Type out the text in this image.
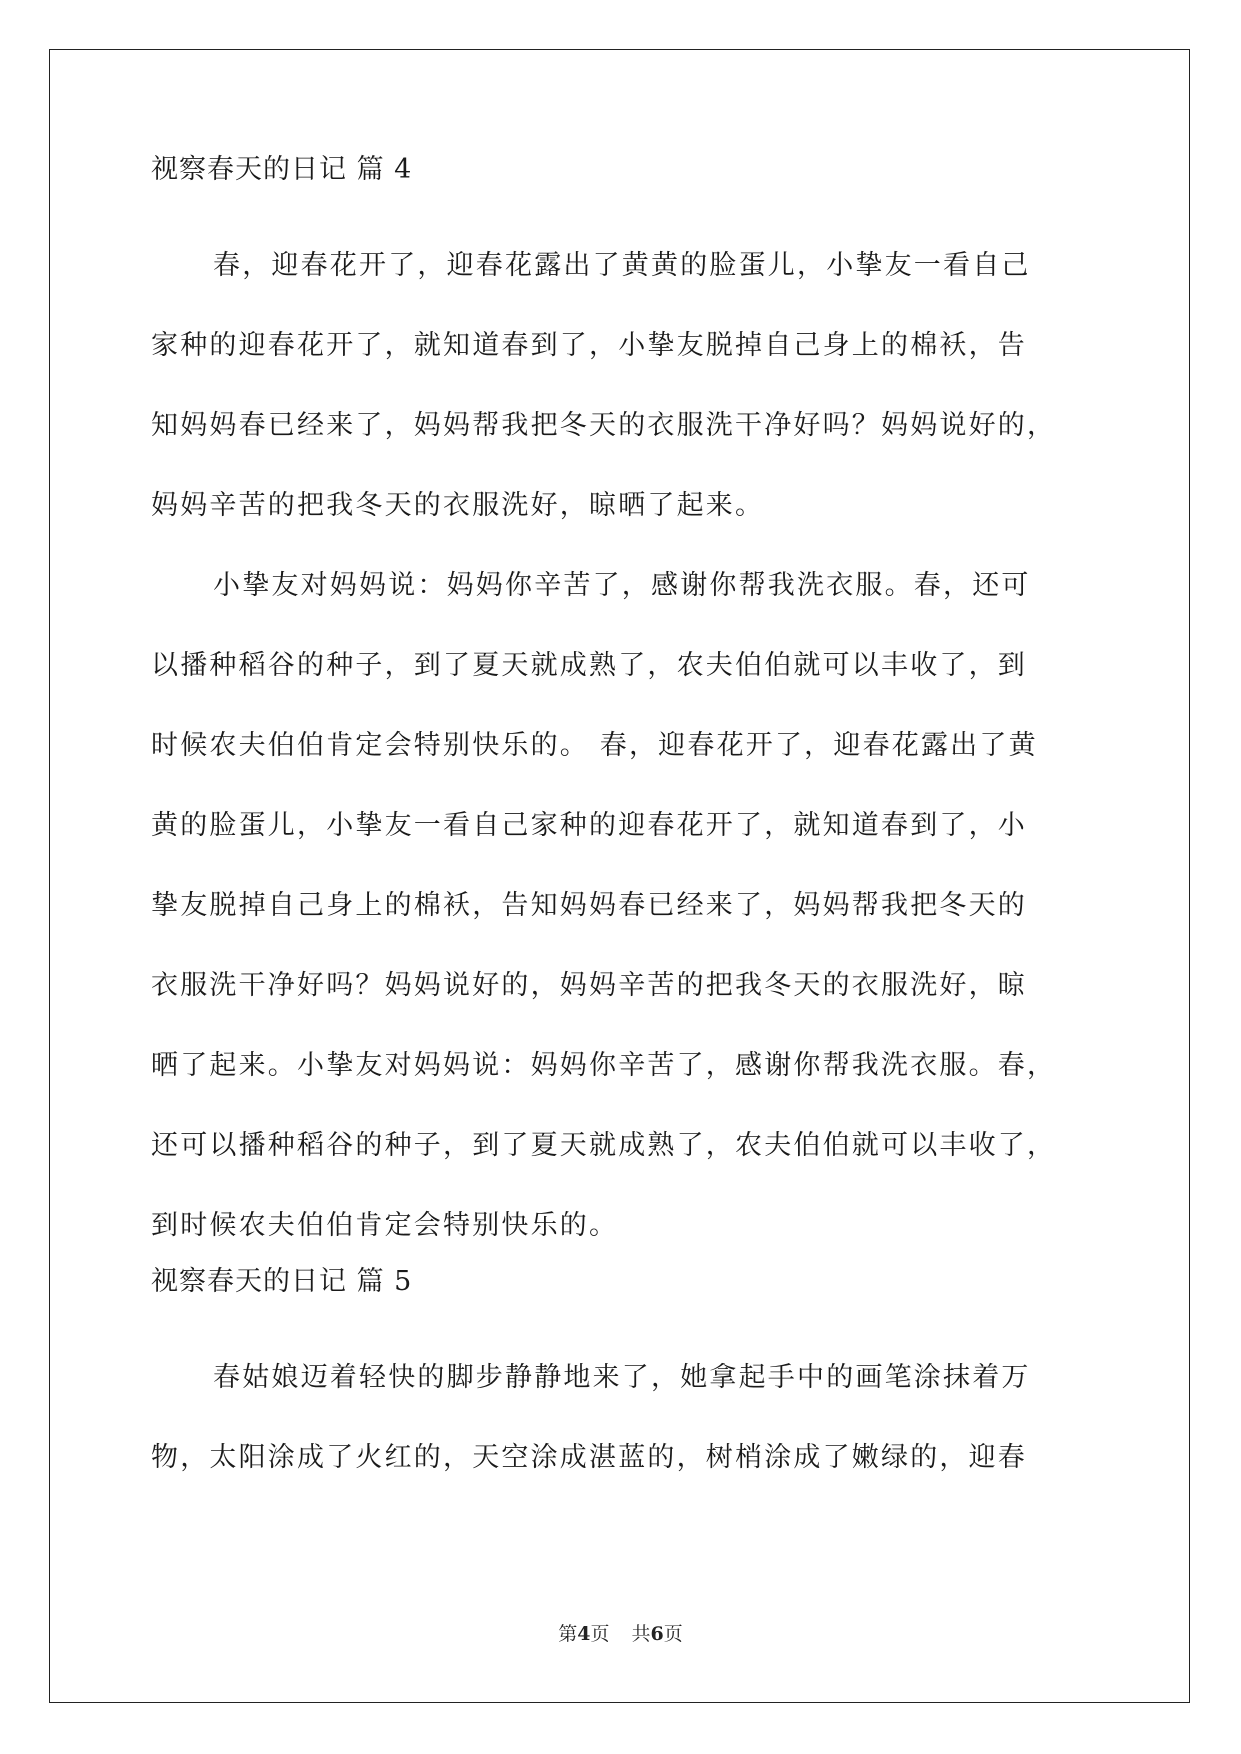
视察春天的日记 篇 4
春，迎春花开了，迎春花露出了黄黄的脸蛋儿，小挚友一看自己
家种的迎春花开了，就知道春到了，小挚友脱掉自己身上的棉袄，告
知妈妈春已经来了，妈妈帮我把冬天的衣服洗干净好吗？妈妈说好的，
妈妈辛苦的把我冬天的衣服洗好，晾晒了起来。
小挚友对妈妈说：妈妈你辛苦了，感谢你帮我洗衣服。春，还可
以播种稻谷的种子，到了夏天就成熟了，农夫伯伯就可以丰收了，到
时候农夫伯伯肯定会特别快乐的。 春，迎春花开了，迎春花露出了黄
黄的脸蛋儿，小挚友一看自己家种的迎春花开了，就知道春到了，小
挚友脱掉自己身上的棉袄，告知妈妈春已经来了，妈妈帮我把冬天的
衣服洗干净好吗？妈妈说好的，妈妈辛苦的把我冬天的衣服洗好，晾
晒了起来。小挚友对妈妈说：妈妈你辛苦了，感谢你帮我洗衣服。春，
还可以播种稻谷的种子，到了夏天就成熟了，农夫伯伯就可以丰收了，
到时候农夫伯伯肯定会特别快乐的。
视察春天的日记 篇 5
春姑娘迈着轻快的脚步静静地来了，她拿起手中的画笔涂抹着万
物，太阳涂成了火红的，天空涂成湛蓝的，树梢涂成了嫩绿的，迎春
第4页 共6页
